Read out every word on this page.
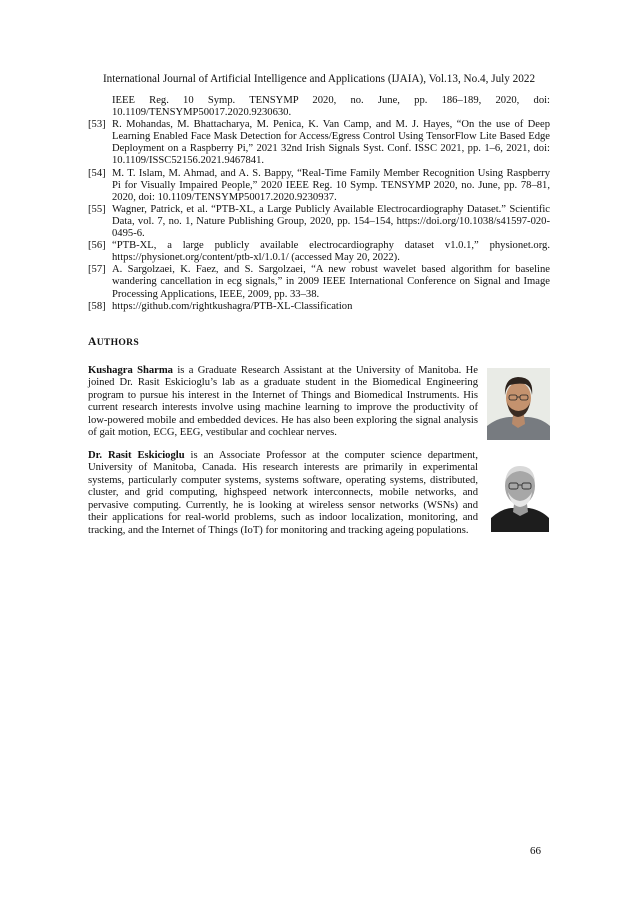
International Journal of Artificial Intelligence and Applications (IJAIA), Vol.13, No.4, July 2022
IEEE Reg. 10 Symp. TENSYMP 2020, no. June, pp. 186–189, 2020, doi: 10.1109/TENSYMP50017.2020.9230630.
[53] R. Mohandas, M. Bhattacharya, M. Penica, K. Van Camp, and M. J. Hayes, “On the use of Deep Learning Enabled Face Mask Detection for Access/Egress Control Using TensorFlow Lite Based Edge Deployment on a Raspberry Pi,” 2021 32nd Irish Signals Syst. Conf. ISSC 2021, pp. 1–6, 2021, doi: 10.1109/ISSC52156.2021.9467841.
[54] M. T. Islam, M. Ahmad, and A. S. Bappy, “Real-Time Family Member Recognition Using Raspberry Pi for Visually Impaired People,” 2020 IEEE Reg. 10 Symp. TENSYMP 2020, no. June, pp. 78–81, 2020, doi: 10.1109/TENSYMP50017.2020.9230937.
[55] Wagner, Patrick, et al. “PTB-XL, a Large Publicly Available Electrocardiography Dataset.” Scientific Data, vol. 7, no. 1, Nature Publishing Group, 2020, pp. 154–154, https://doi.org/10.1038/s41597-020-0495-6.
[56] “PTB-XL, a large publicly available electrocardiography dataset v1.0.1,” physionet.org. https://physionet.org/content/ptb-xl/1.0.1/ (accessed May 20, 2022).
[57] A. Sargolzaei, K. Faez, and S. Sargolzaei, “A new robust wavelet based algorithm for baseline wandering cancellation in ecg signals,” in 2009 IEEE International Conference on Signal and Image Processing Applications, IEEE, 2009, pp. 33–38.
[58] https://github.com/rightkushagra/PTB-XL-Classification
AUTHORS
Kushagra Sharma is a Graduate Research Assistant at the University of Manitoba. He joined Dr. Rasit Eskicioglu’s lab as a graduate student in the Biomedical Engineering program to pursue his interest in the Internet of Things and Biomedical Instruments. His current research interests involve using machine learning to improve the productivity of low-powered mobile and embedded devices. He has also been exploring the signal analysis of gait motion, ECG, EEG, vestibular and cochlear nerves.
Dr. Rasit Eskicioglu is an Associate Professor at the computer science department, University of Manitoba, Canada. His research interests are primarily in experimental systems, particularly computer systems, systems software, operating systems, distributed, cluster, and grid computing, highspeed network interconnects, mobile networks, and pervasive computing. Currently, he is looking at wireless sensor networks (WSNs) and their applications for real-world problems, such as indoor localization, monitoring, and tracking, and the Internet of Things (IoT) for monitoring and tracking ageing populations.
66
